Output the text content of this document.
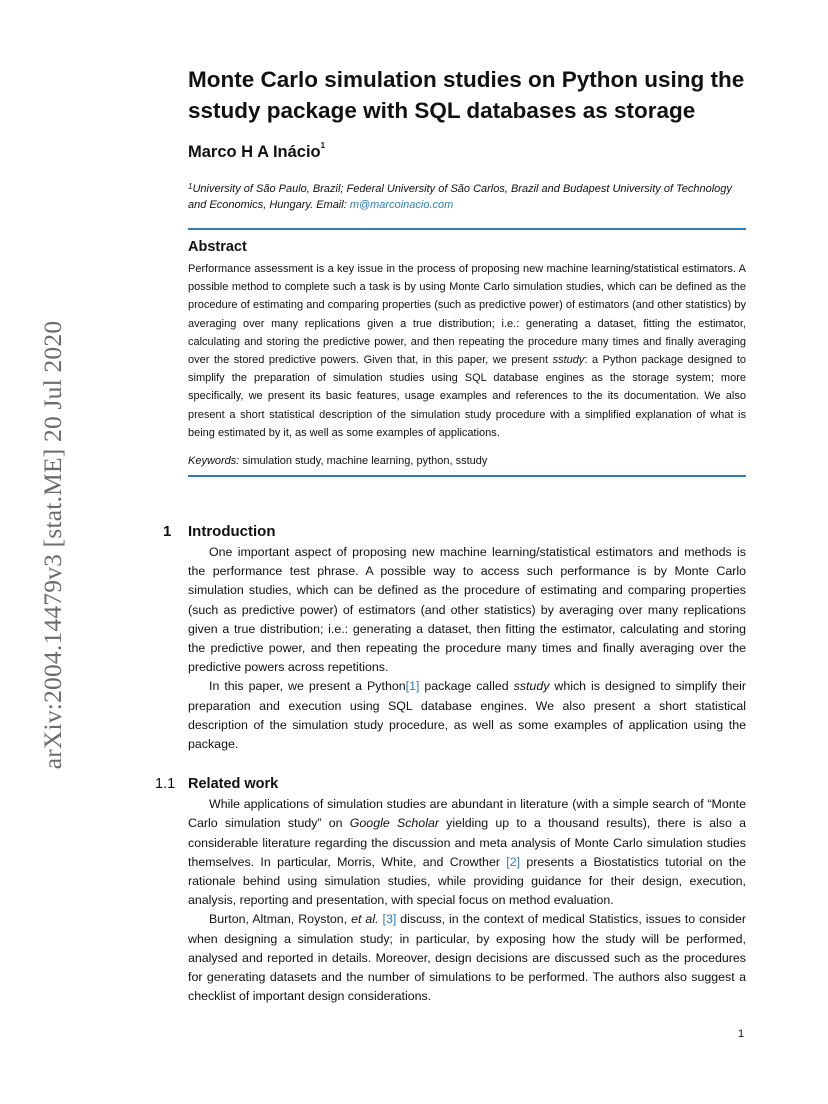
arXiv:2004.14479v3 [stat.ME] 20 Jul 2020
Monte Carlo simulation studies on Python using the sstudy package with SQL databases as storage
Marco H A Inácio$^1$
$^1$University of São Paulo, Brazil; Federal University of São Carlos, Brazil and Budapest University of Technology and Economics, Hungary. Email: m@marcoinacio.com
Abstract
Performance assessment is a key issue in the process of proposing new machine learning/statistical estimators. A possible method to complete such a task is by using Monte Carlo simulation studies, which can be defined as the procedure of estimating and comparing properties (such as predictive power) of estimators (and other statistics) by averaging over many replications given a true distribution; i.e.: generating a dataset, fitting the estimator, calculating and storing the predictive power, and then repeating the procedure many times and finally averaging over the stored predictive powers. Given that, in this paper, we present sstudy: a Python package designed to simplify the preparation of simulation studies using SQL database engines as the storage system; more specifically, we present its basic features, usage examples and references to the its documentation. We also present a short statistical description of the simulation study procedure with a simplified explanation of what is being estimated by it, as well as some examples of applications.
Keywords: simulation study, machine learning, python, sstudy
1 Introduction

One important aspect of proposing new machine learning/statistical estimators and methods is the performance test phrase. A possible way to access such performance is by Monte Carlo simulation studies, which can be defined as the procedure of estimating and comparing properties (such as predictive power) of estimators (and other statistics) by averaging over many replications given a true distribution; i.e.: generating a dataset, then fitting the estimator, calculating and storing the predictive power, and then repeating the procedure many times and finally averaging over the predictive powers across repetitions.

In this paper, we present a Python[1] package called sstudy which is designed to simplify their preparation and execution using SQL database engines. We also present a short statistical description of the simulation study procedure, as well as some examples of application using the package.

1.1 Related work

While applications of simulation studies are abundant in literature (with a simple search of “Monte Carlo simulation study” on Google Scholar yielding up to a thousand results), there is also a considerable literature regarding the discussion and meta analysis of Monte Carlo simulation studies themselves. In particular, Morris, White, and Crowther [2] presents a Biostatistics tutorial on the rationale behind using simulation studies, while providing guidance for their design, execution, analysis, reporting and presentation, with special focus on method evaluation.

Burton, Altman, Royston, et al. [3] discuss, in the context of medical Statistics, issues to consider when designing a simulation study; in particular, by exposing how the study will be performed, analysed and reported in details. Moreover, design decisions are discussed such as the procedures for generating datasets and the number of simulations to be performed. The authors also suggest a checklist of important design considerations.

1
